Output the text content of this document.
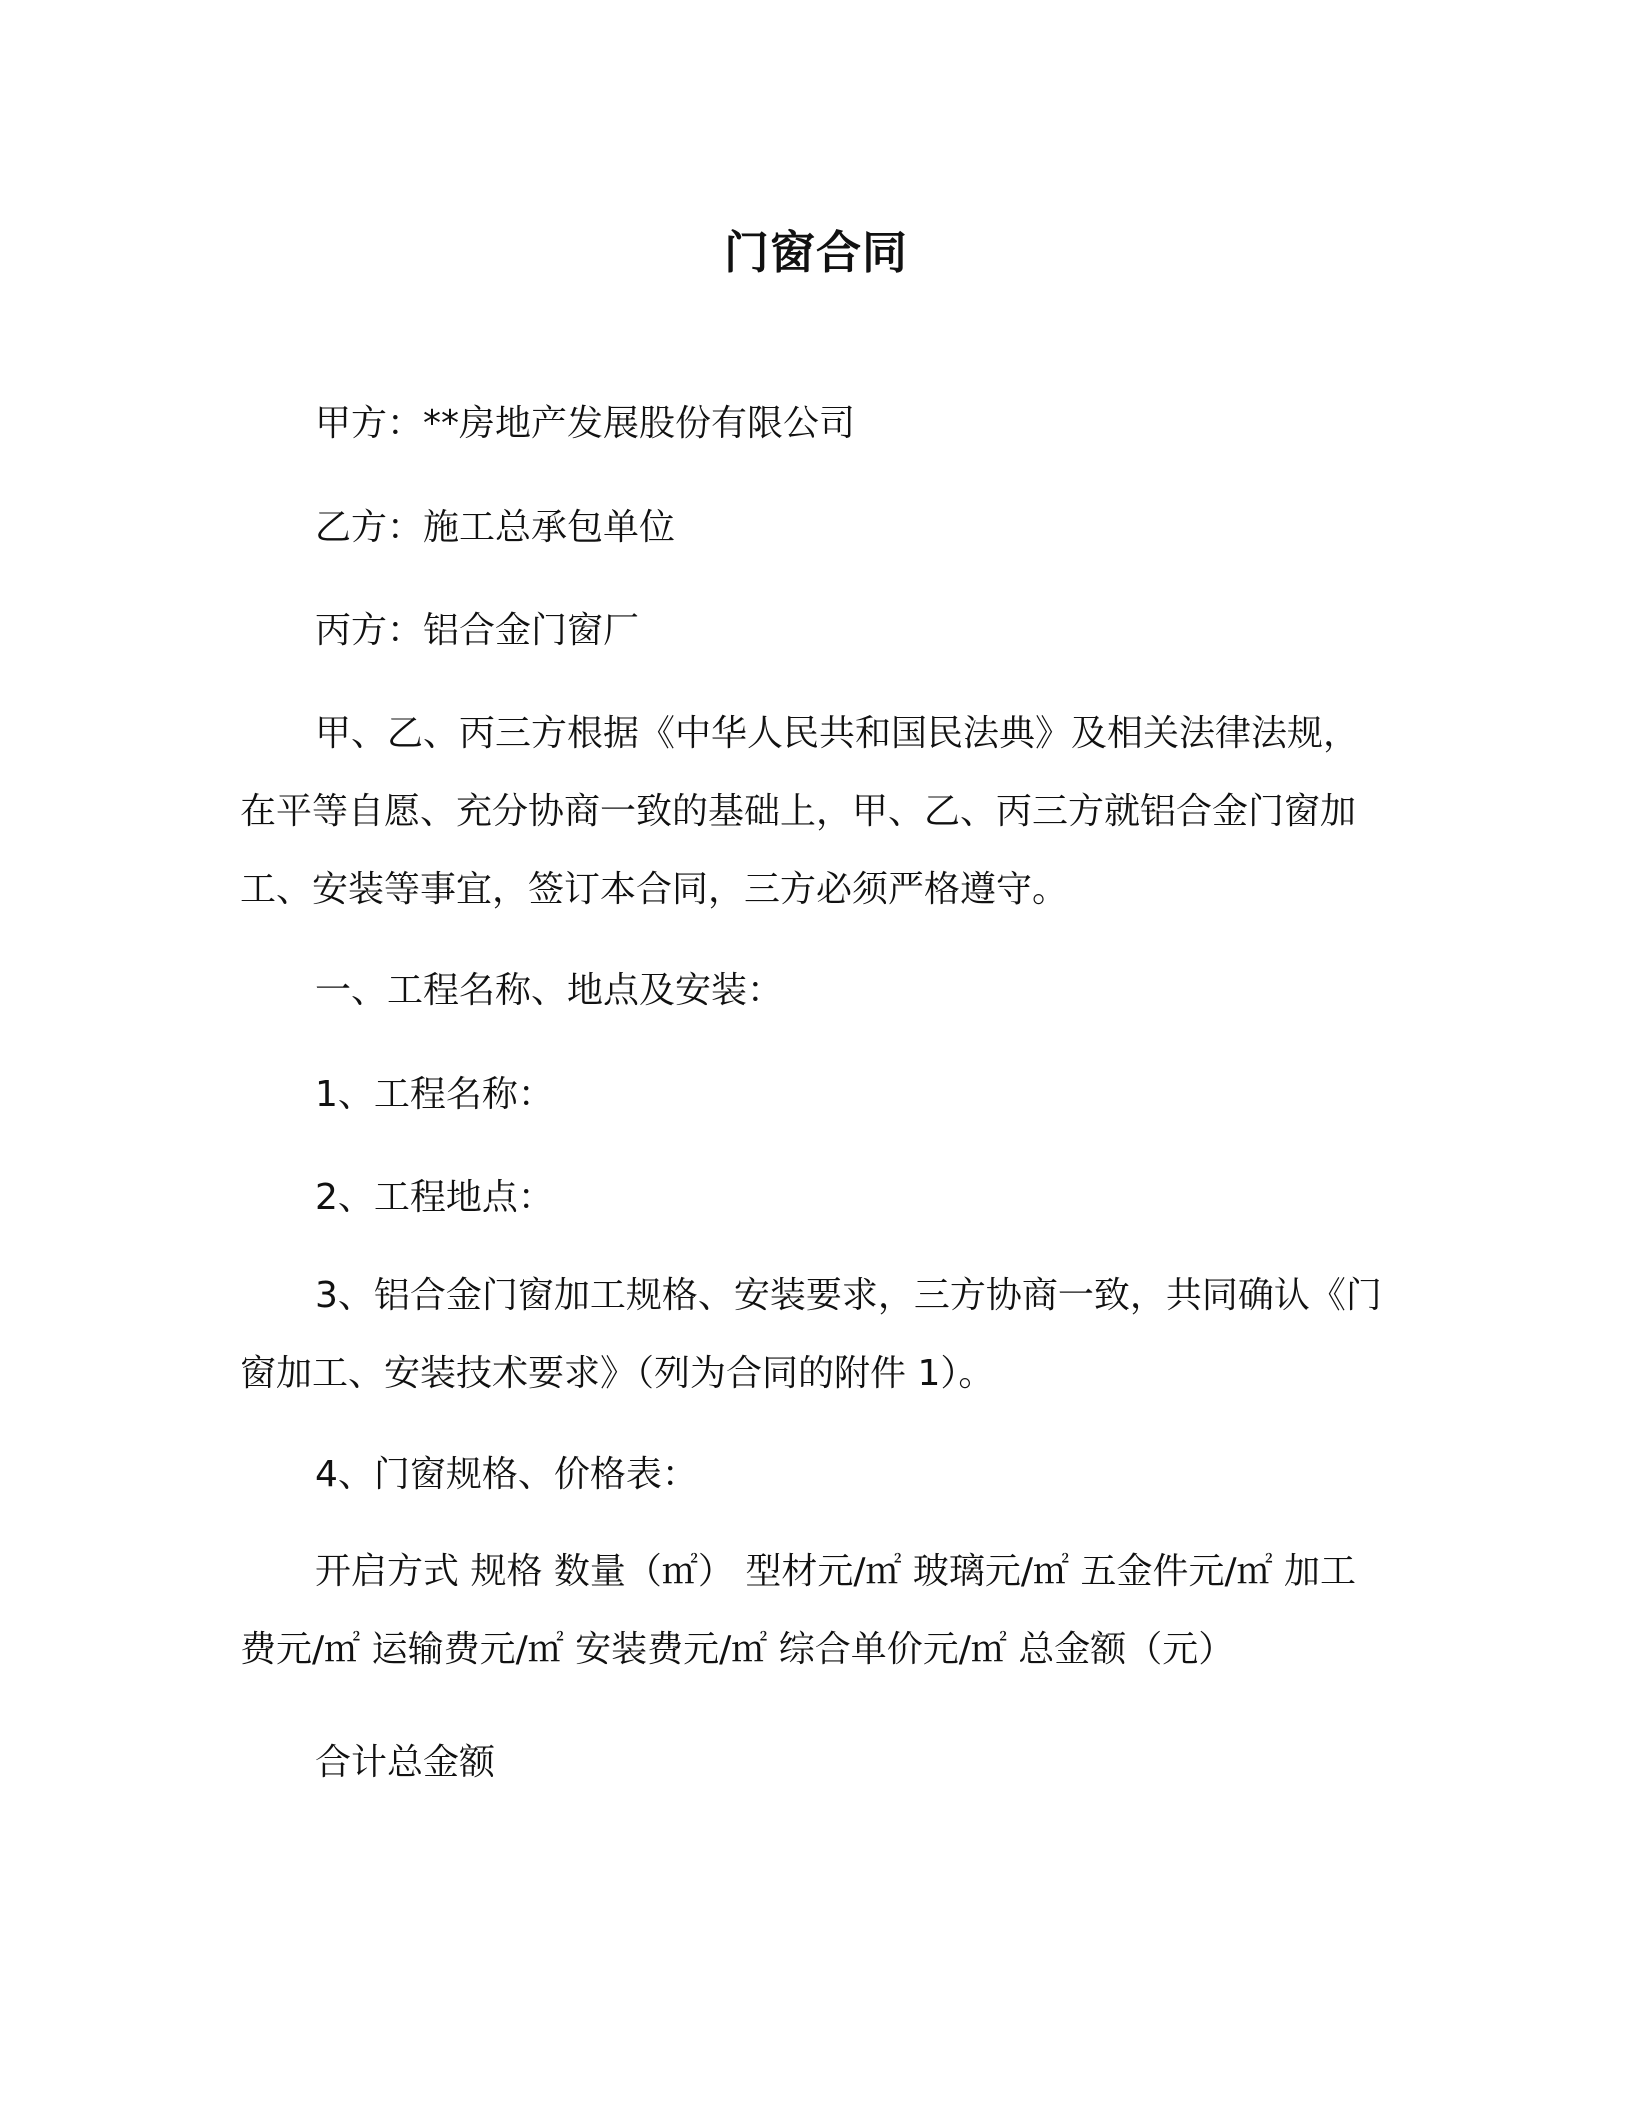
门窗合同
甲方：**房地产发展股份有限公司
乙方：施工总承包单位
丙方：铝合金门窗厂
甲、乙、丙三方根据《中华人民共和国民法典》及相关法律法规，在平等自愿、充分协商一致的基础上，甲、乙、丙三方就铝合金门窗加工、安装等事宜，签订本合同，三方必须严格遵守。
一、工程名称、地点及安装：
1、工程名称：
2、工程地点：
3、铝合金门窗加工规格、安装要求，三方协商一致，共同确认《门窗加工、安装技术要求》（列为合同的附件 1）。
4、门窗规格、价格表：
开启方式 规格 数量（㎡） 型材元/㎡ 玻璃元/㎡ 五金件元/㎡ 加工费元/㎡ 运输费元/㎡ 安装费元/㎡ 综合单价元/㎡ 总金额（元）
合计总金额
